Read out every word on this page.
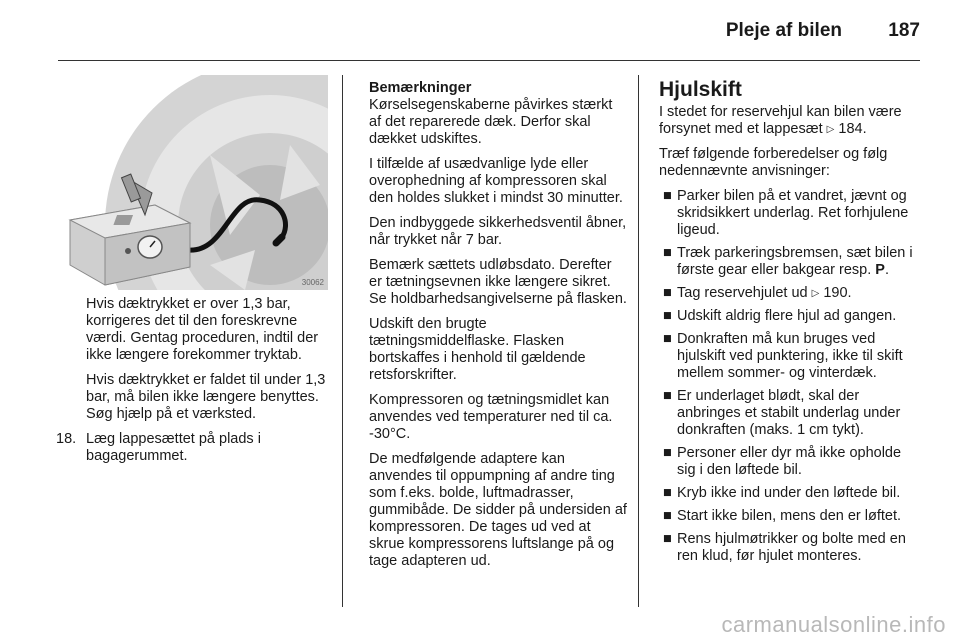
Pleje af bilen 187
30062

Hvis dæktrykket er over 1,3 bar, korrigeres det til den foreskrevne værdi. Gentag proceduren, indtil der ikke længere forekommer tryktab.

Hvis dæktrykket er faldet til under 1,3 bar, må bilen ikke længere benyttes. Søg hjælp på et værksted.

18. Læg lappesættet på plads i bagagerummet.

Bemærkninger

Kørselsegenskaberne påvirkes stærkt af det reparerede dæk. Derfor skal dækket udskiftes.

I tilfælde af usædvanlige lyde eller overophedning af kompressoren skal den holdes slukket i mindst 30 minutter.

Den indbyggede sikkerhedsventil åbner, når trykket når 7 bar.

Bemærk sættets udløbsdato. Derefter er tætningsevnen ikke længere sikret. Se holdbarhedsangivelserne på flasken.

Udskift den brugte tætningsmiddelflaske. Flasken bortskaffes i henhold til gældende retsforskrifter.

Kompressoren og tætningsmidlet kan anvendes ved temperaturer ned til ca. -30°C.

De medfølgende adaptere kan anvendes til oppumpning af andre ting som f.eks. bolde, luftmadrasser, gummibåde. De sidder på undersiden af kompressoren. De tages ud ved at skrue kompressorens luftslange på og tage adapteren ud.

Hjulskift

I stedet for reservehjul kan bilen være forsynet med et lappesæt ▷ 184.

Træf følgende forberedelser og følg nedennævnte anvisninger:

■ Parker bilen på et vandret, jævnt og skridsikkert underlag. Ret forhjulene ligeud.
■ Træk parkeringsbremsen, sæt bilen i første gear eller bakgear resp. P.
■ Tag reservehjulet ud ▷ 190.
■ Udskift aldrig flere hjul ad gangen.
■ Donkraften må kun bruges ved hjulskift ved punktering, ikke til skift mellem sommer- og vinterdæk.
■ Er underlaget blødt, skal der anbringes et stabilt underlag under donkraften (maks. 1 cm tykt).
■ Personer eller dyr må ikke opholde sig i den løftede bil.
■ Kryb ikke ind under den løftede bil.
■ Start ikke bilen, mens den er løftet.
■ Rens hjulmøtrikker og bolte med en ren klud, før hjulet monteres.
carmanualsonline.info
